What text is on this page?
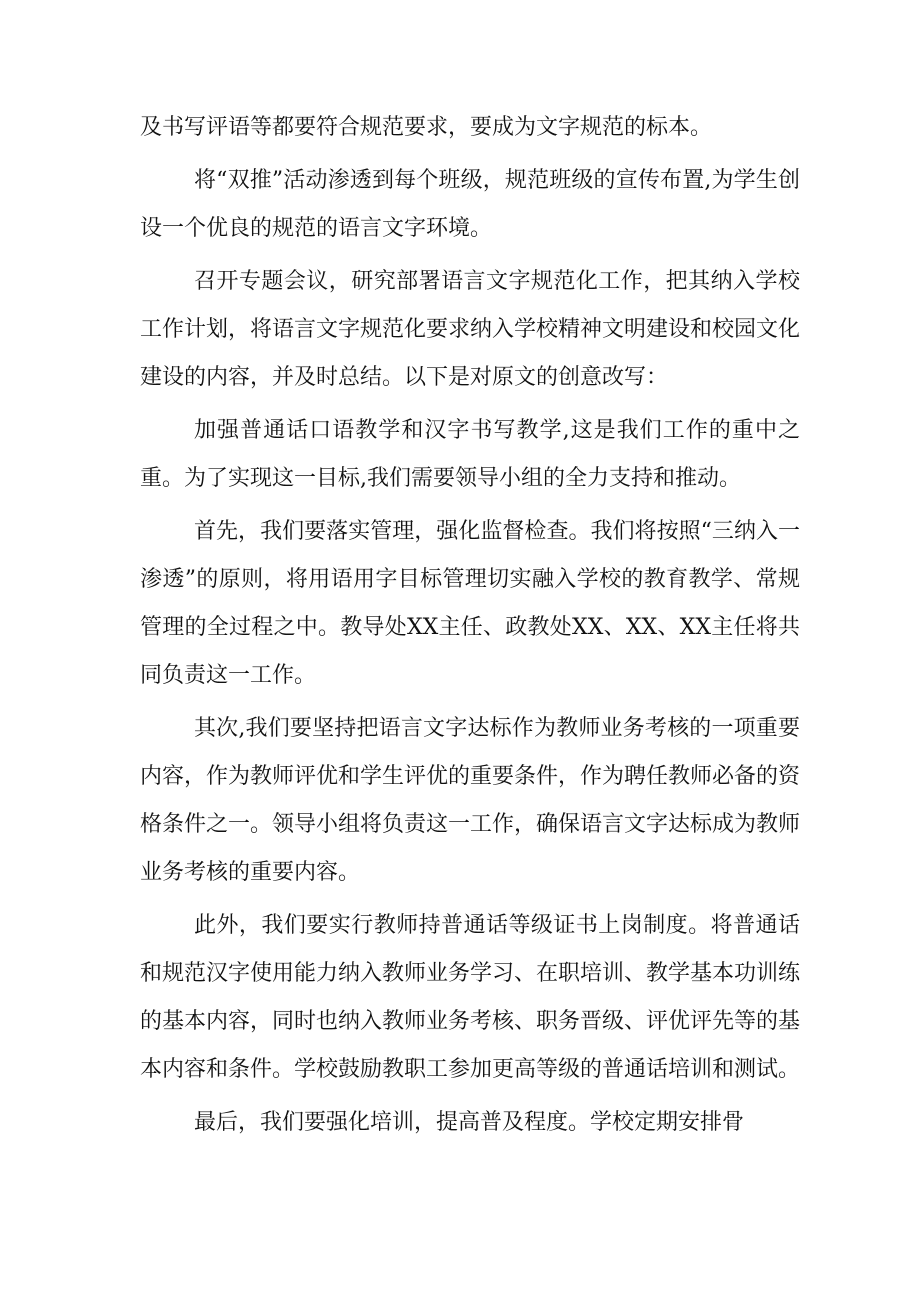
及书写评语等都要符合规范要求，要成为文字规范的标本。

将“双推”活动渗透到每个班级，规范班级的宣传布置,为学生创设一个优良的规范的语言文字环境。

召开专题会议，研究部署语言文字规范化工作，把其纳入学校工作计划，将语言文字规范化要求纳入学校精神文明建设和校园文化建设的内容，并及时总结。以下是对原文的创意改写：

加强普通话口语教学和汉字书写教学,这是我们工作的重中之重。为了实现这一目标,我们需要领导小组的全力支持和推动。

首先，我们要落实管理，强化监督检查。我们将按照“三纳入一渗透”的原则，将用语用字目标管理切实融入学校的教育教学、常规管理的全过程之中。教导处XX主任、政教处XX、XX、XX主任将共同负责这一工作。

其次,我们要坚持把语言文字达标作为教师业务考核的一项重要内容，作为教师评优和学生评优的重要条件，作为聘任教师必备的资格条件之一。领导小组将负责这一工作，确保语言文字达标成为教师业务考核的重要内容。

此外，我们要实行教师持普通话等级证书上岗制度。将普通话和规范汉字使用能力纳入教师业务学习、在职培训、教学基本功训练的基本内容，同时也纳入教师业务考核、职务晋级、评优评先等的基本内容和条件。学校鼓励教职工参加更高等级的普通话培训和测试。

最后，我们要强化培训，提高普及程度。学校定期安排骨
